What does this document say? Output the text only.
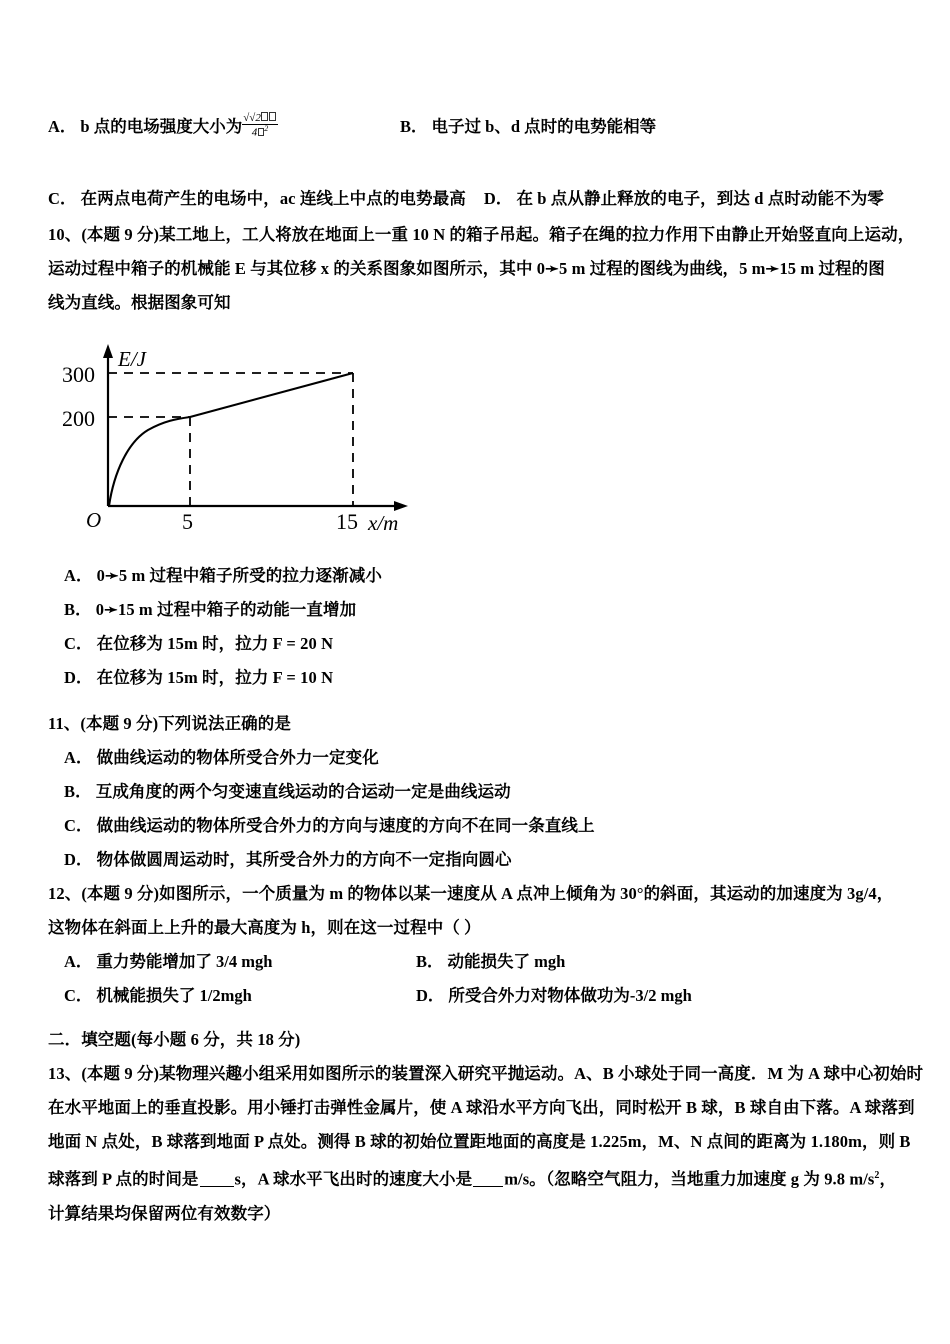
A． b 点的电场强度大小为 $\frac{√√2}{4 ^2}$	B． 电子过 b、d 点时的电势能相等
C． 在两点电荷产生的电场中，ac 连线上中点的电势最高 D． 在 b 点从静止释放的电子，到达 d 点时动能不为零
10、(本题 9 分)某工地上，工人将放在地面上一重 10 N 的箱子吊起。箱子在绳的拉力作用下由静止开始竖直向上运动，
运动过程中箱子的机械能 E 与其位移 x 的关系图象如图所示，其中 0➛5 m 过程的图线为曲线，5 m➛15 m 过程的图
线为直线。根据图象可知
E/J
x/m
O
300
200
5	15
A． 0➛5 m 过程中箱子所受的拉力逐渐减小
B． 0➛15 m 过程中箱子的动能一直增加
C． 在位移为 15m 时，拉力 F = 20 N
D． 在位移为 15m 时，拉力 F = 10 N
11、(本题 9 分)下列说法正确的是
A． 做曲线运动的物体所受合外力一定变化
B． 互成角度的两个匀变速直线运动的合运动一定是曲线运动
C． 做曲线运动的物体所受合外力的方向与速度的方向不在同一条直线上
D． 物体做圆周运动时，其所受合外力的方向不一定指向圆心
12、(本题 9 分)如图所示，一个质量为 m 的物体以某一速度从 A 点冲上倾角为 30°的斜面，其运动的加速度为 3g/4，
这物体在斜面上上升的最大高度为 h，则在这一过程中（ ）
A． 重力势能增加了 3/4 mgh	B． 动能损失了 mgh
C． 机械能损失了 1/2mgh	D． 所受合外力对物体做功为-3/2 mgh
二．填空题(每小题 6 分，共 18 分)
13、(本题 9 分)某物理兴趣小组采用如图所示的装置深入研究平抛运动。A、B 小球处于同一高度．M 为 A 球中心初始时
在水平地面上的垂直投影。用小锤打击弹性金属片，使 A 球沿水平方向飞出，同时松开 B 球，B 球自由下落。A 球落到
地面 N 点处，B 球落到地面 P 点处。测得 B 球的初始位置距地面的高度是 1.225m，M、N 点间的距离为 1.180m，则 B
球落到 P 点的时间是 s，A 球水平飞出时的速度大小是 m/s。（忽略空气阻力，当地重力加速度 g 为 9.8 $m/s^2$，
计算结果均保留两位有效数字）
